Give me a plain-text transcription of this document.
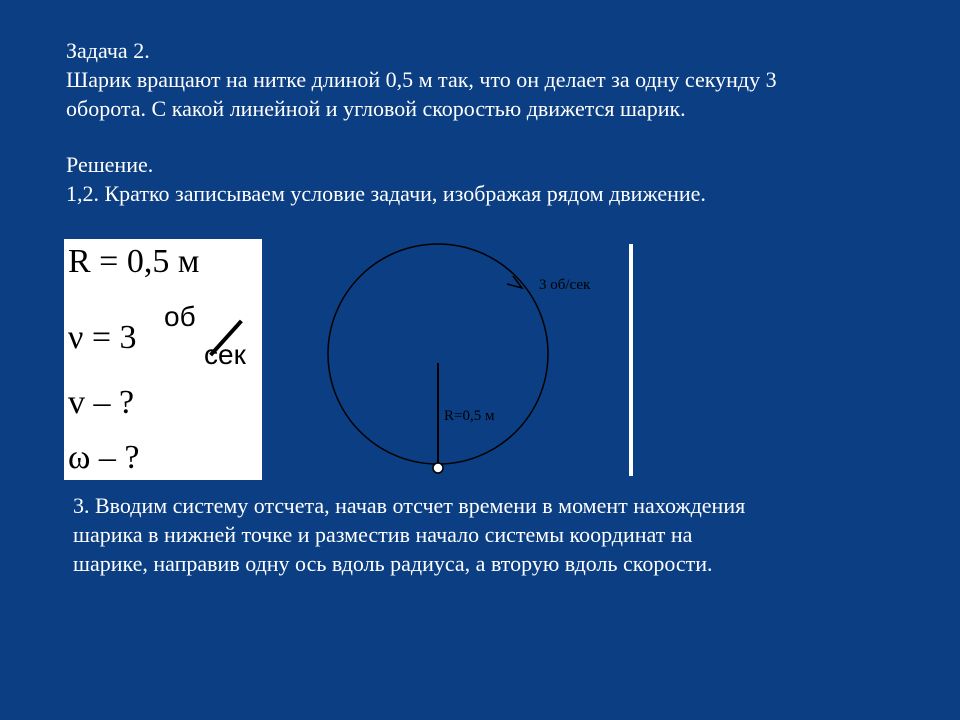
Задача 2.
Шарик вращают на нитке длиной 0,5 м так, что он делает за одну секунду 3
оборота. С какой линейной и угловой скоростью движется шарик.
Решение.
1,2. Кратко записываем условие задачи, изображая рядом движение.
R = 0,5 м
ν = 3
об
сек
v – ?
ω – ?
3 об/сек
R=0,5 м
3. Вводим систему отсчета, начав отсчет времени в момент нахождения
шарика в нижней точке и разместив начало системы координат на
шарике, направив одну ось вдоль радиуса, а вторую вдоль скорости.
